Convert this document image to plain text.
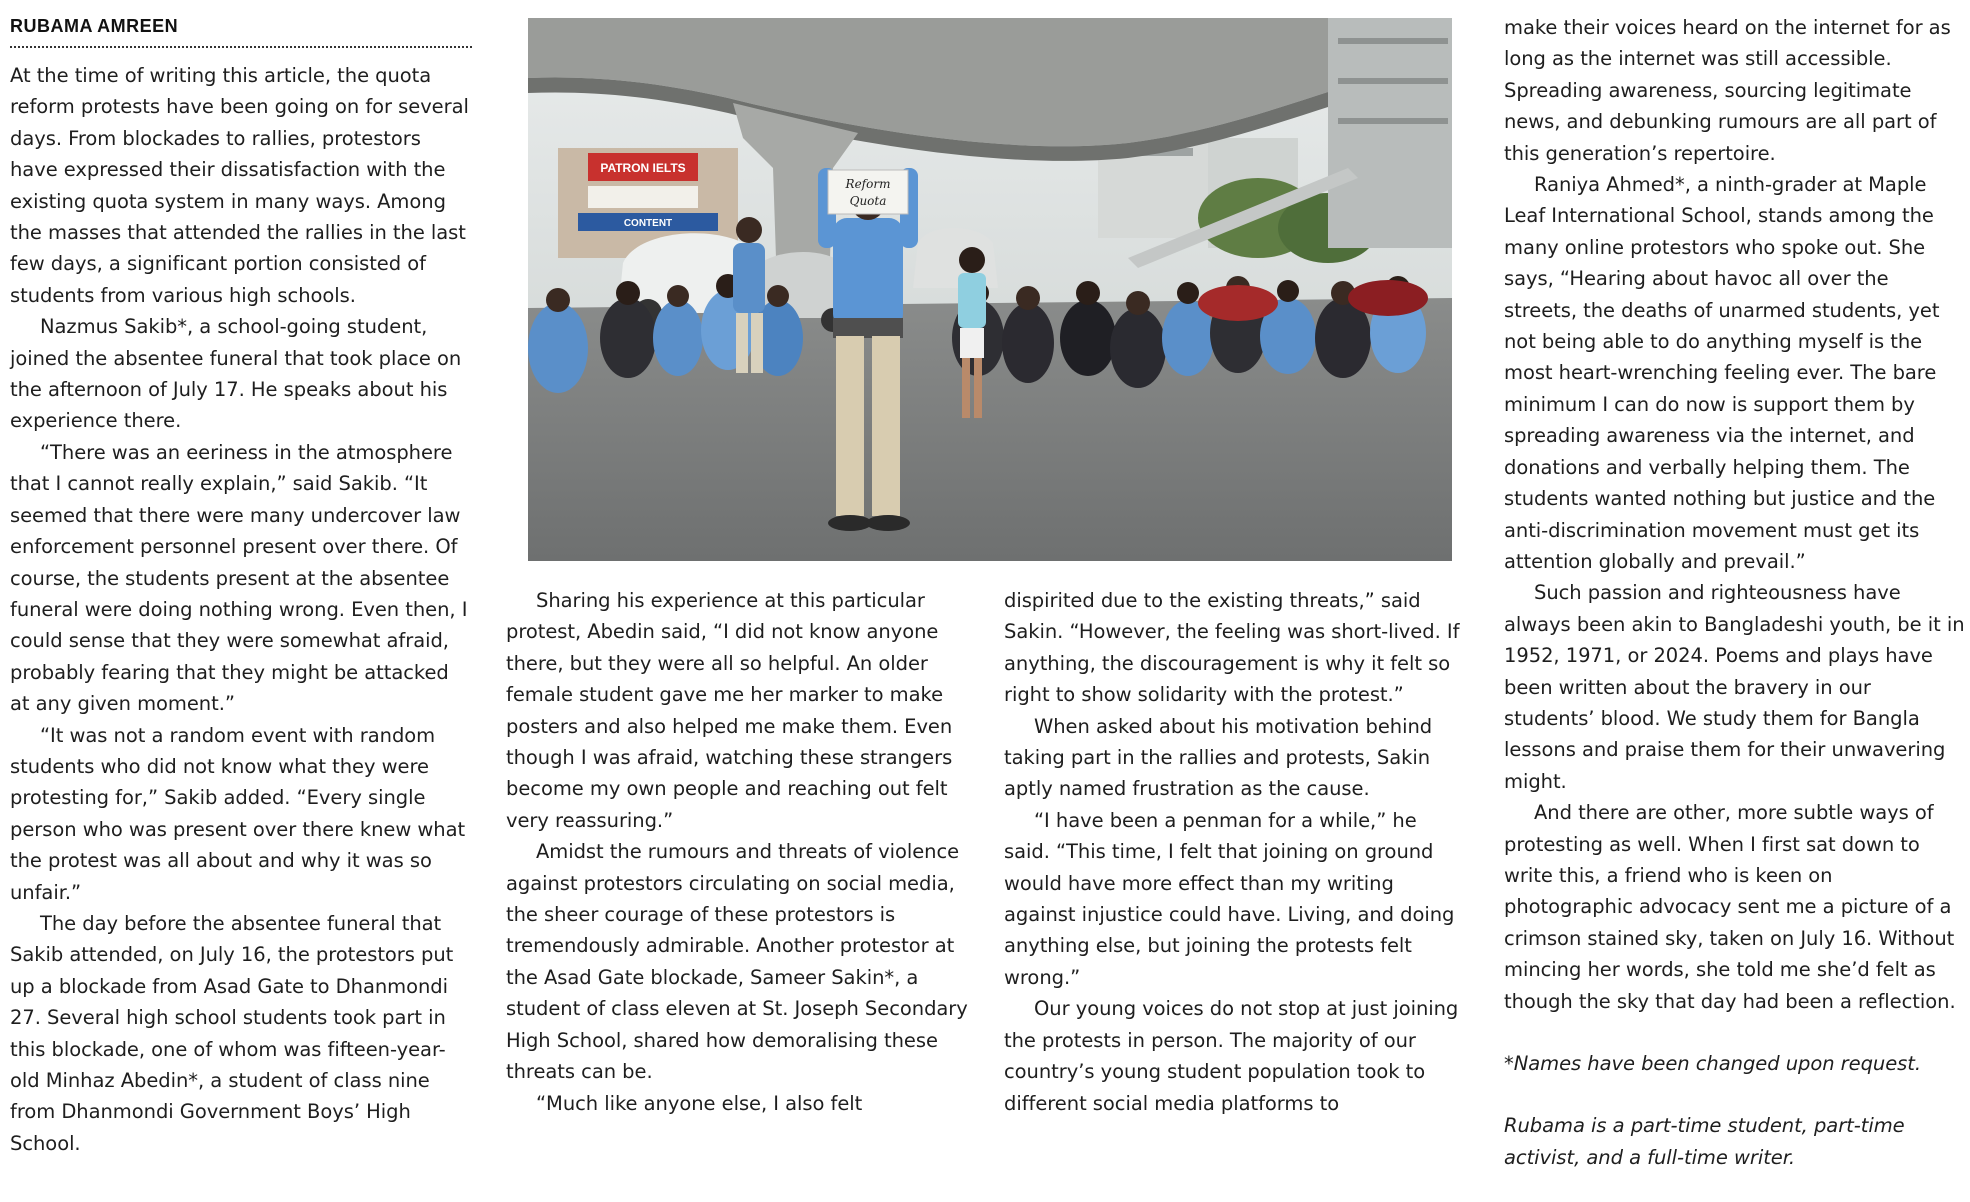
RUBAMA AMREEN

At the time of writing this article, the quota reform protests have been going on for several days. From blockades to rallies, protestors have expressed their dissatisfaction with the existing quota system in many ways. Among the masses that attended the rallies in the last few days, a significant portion consisted of students from various high schools.

Nazmus Sakib*, a school-going student, joined the absentee funeral that took place on the afternoon of July 17. He speaks about his experience there.

“There was an eeriness in the atmosphere that I cannot really explain,” said Sakib. “It seemed that there were many undercover law enforcement personnel present over there. Of course, the students present at the absentee funeral were doing nothing wrong. Even then, I could sense that they were somewhat afraid, probably fearing that they might be attacked at any given moment.”

“It was not a random event with random students who did not know what they were protesting for,” Sakib added. “Every single person who was present over there knew what the protest was all about and why it was so unfair.”

The day before the absentee funeral that Sakib attended, on July 16, the protestors put up a blockade from Asad Gate to Dhanmondi 27. Several high school students took part in this blockade, one of whom was fifteen-year-old Minhaz Abedin*, a student of class nine from Dhanmondi Government Boys’ High School.

PATRON IELTS
CONTENT
Reform
Quota

Sharing his experience at this particular protest, Abedin said, “I did not know anyone there, but they were all so helpful. An older female student gave me her marker to make posters and also helped me make them. Even though I was afraid, watching these strangers become my own people and reaching out felt very reassuring.”

Amidst the rumours and threats of violence against protestors circulating on social media, the sheer courage of these protestors is tremendously admirable. Another protestor at the Asad Gate blockade, Sameer Sakin*, a student of class eleven at St. Joseph Secondary High School, shared how demoralising these threats can be.

“Much like anyone else, I also felt

dispirited due to the existing threats,” said Sakin. “However, the feeling was short-lived. If anything, the discouragement is why it felt so right to show solidarity with the protest.”

When asked about his motivation behind taking part in the rallies and protests, Sakin aptly named frustration as the cause.

“I have been a penman for a while,” he said. “This time, I felt that joining on ground would have more effect than my writing against injustice could have. Living, and doing anything else, but joining the protests felt wrong.”

Our young voices do not stop at just joining the protests in person. The majority of our country’s young student population took to different social media platforms to

make their voices heard on the internet for as long as the internet was still accessible. Spreading awareness, sourcing legitimate news, and debunking rumours are all part of this generation’s repertoire.

Raniya Ahmed*, a ninth-grader at Maple Leaf International School, stands among the many online protestors who spoke out. She says, “Hearing about havoc all over the streets, the deaths of unarmed students, yet not being able to do anything myself is the most heart-wrenching feeling ever. The bare minimum I can do now is support them by spreading awareness via the internet, and donations and verbally helping them. The students wanted nothing but justice and the anti-discrimination movement must get its attention globally and prevail.”

Such passion and righteousness have always been akin to Bangladeshi youth, be it in 1952, 1971, or 2024. Poems and plays have been written about the bravery in our students’ blood. We study them for Bangla lessons and praise them for their unwavering might.

And there are other, more subtle ways of protesting as well. When I first sat down to write this, a friend who is keen on photographic advocacy sent me a picture of a crimson stained sky, taken on July 16. Without mincing her words, she told me she’d felt as though the sky that day had been a reflection.

*Names have been changed upon request.

Rubama is a part-time student, part-time activist, and a full-time writer.
